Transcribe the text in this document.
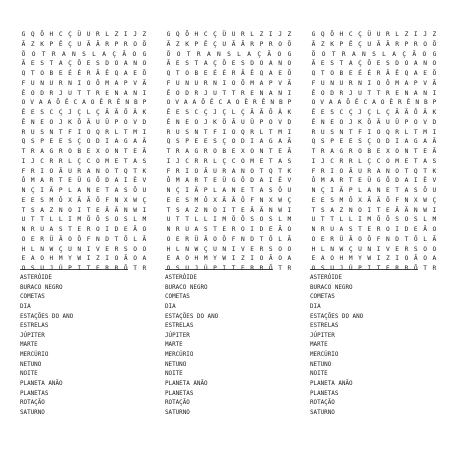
G Q Ô H C Ç Ü U R L Z I J Z
Ã Z K P Ê Ç U Ã Ã R P R O Õ
Õ O T R A N S L A Ç Ã O G
Ã E S T A Ç Õ E S D O A N O
Q T O B E É É R Ã Ê Q A E Õ
F U N U R N I O Õ M A P V Ã
Ê O D R J U T T R E N A N I
O V A A Õ Ê C A O Ê R Ê N B P
Ê E S C Ç J Ç L Ç Ã Ã Õ Â K
Ê N E O J K Õ Ã U Ü P O V D
R U S N T F I O Q R L T M I
Q S P E E S Ç O D I A G A Ã
T R A G R O B E X O N T E Ã
I J C R R L Ç C O M E T A S
F R I O Ã U R A N O T Q T K
Ô M A R T E Ü G Õ D A I Ê V
N Ç I Ã P L A N E T A S Õ U
E E S M Ô X Ã Ã Õ F N X W Ç
T S A Z N O I T E Ã Ã N W I
U T T L L I M Õ Õ S O S L M
N R U A S T E R O I D E Ã O
O E R Ü Ã O Õ F N D T Õ L Ã
H L N W Ç U N I V E R S O O
E A O H M Y W I Z I O Ã O A
O S U J Ú P I T E R R Õ T R
ASTERÓIDE
BURACO NEGRO
COMETAS
DIA
ESTAÇÕES DO ANO
ESTRELAS
JÚPITER
MARTE
MERCÚRIO
NETUNO
NOITE
PLANETA ANÃO
PLANETAS
ROTAÇÃO
SATURNO
G Q Ô H C Ç Ü U R L Z I J Z
Ã Z K P Ê Ç U Ã Ã R P R O Õ
Õ O T R A N S L A Ç Ã O G
Ã E S T A Ç Õ E S D O A N O
Q T O B E É É R Ã Ê Q A E Õ
F U N U R N I O Õ M A P V Ã
Ê O D R J U T T R E N A N I
O V A A Õ Ê C A O Ê R Ê N B P
Ê E S C Ç J Ç L Ç Ã Ã Õ Â K
Ê N E O J K Õ Ã U Ü P O V D
R U S N T F I O Q R L T M I
Q S P E E S Ç O D I A G A Ã
T R A G R O B E X O N T E Ã
I J C R R L Ç C O M E T A S
F R I O Ã U R A N O T Q T K
Ô M A R T E Ü G Õ D A I Ê V
N Ç I Ã P L A N E T A S Õ U
E E S M Ô X Ã Ã Õ F N X W Ç
T S A Z N O I T E Ã Ã N W I
U T T L L I M Õ Õ S O S L M
N R U A S T E R O I D E Ã O
O E R Ü Ã O Õ F N D T Õ L Ã
H L N W Ç U N I V E R S O O
E A O H M Y W I Z I O Ã O A
O S U J Ú P I T E R R Õ T R
ASTERÓIDE
BURACO NEGRO
COMETAS
DIA
ESTAÇÕES DO ANO
ESTRELAS
JÚPITER
MARTE
MERCÚRIO
NETUNO
NOITE
PLANETA ANÃO
PLANETAS
ROTAÇÃO
SATURNO
G Q Ô H C Ç Ü U R L Z I J Z
Ã Z K P Ê Ç U Ã Ã R P R O Õ
Õ O T R A N S L A Ç Ã O G
Ã E S T A Ç Õ E S D O A N O
Q T O B E É É R Ã Ê Q A E Õ
F U N U R N I O Õ M A P V Ã
Ê O D R J U T T R E N A N I
O V A A Õ Ê C A O Ê R Ê N B P
Ê E S C Ç J Ç L Ç Ã Ã Õ Â K
Ê N E O J K Õ Ã U Ü P O V D
R U S N T F I O Q R L T M I
Q S P E E S Ç O D I A G A Ã
T R A G R O B E X O N T E Ã
I J C R R L Ç C O M E T A S
F R I O Ã U R A N O T Q T K
Ô M A R T E Ü G Õ D A I Ê V
N Ç I Ã P L A N E T A S Õ U
E E S M Ô X Ã Ã Õ F N X W Ç
T S A Z N O I T E Ã Ã N W I
U T T L L I M Õ Õ S O S L M
N R U A S T E R O I D E Ã O
O E R Ü Ã O Õ F N D T Õ L Ã
H L N W Ç U N I V E R S O O
E A O H M Y W I Z I O Ã O A
O S U J Ú P I T E R R Õ T R
ASTERÓIDE
BURACO NEGRO
COMETAS
DIA
ESTAÇÕES DO ANO
ESTRELAS
JÚPITER
MARTE
MERCÚRIO
NETUNO
NOITE
PLANETA ANÃO
PLANETAS
ROTAÇÃO
SATURNO
